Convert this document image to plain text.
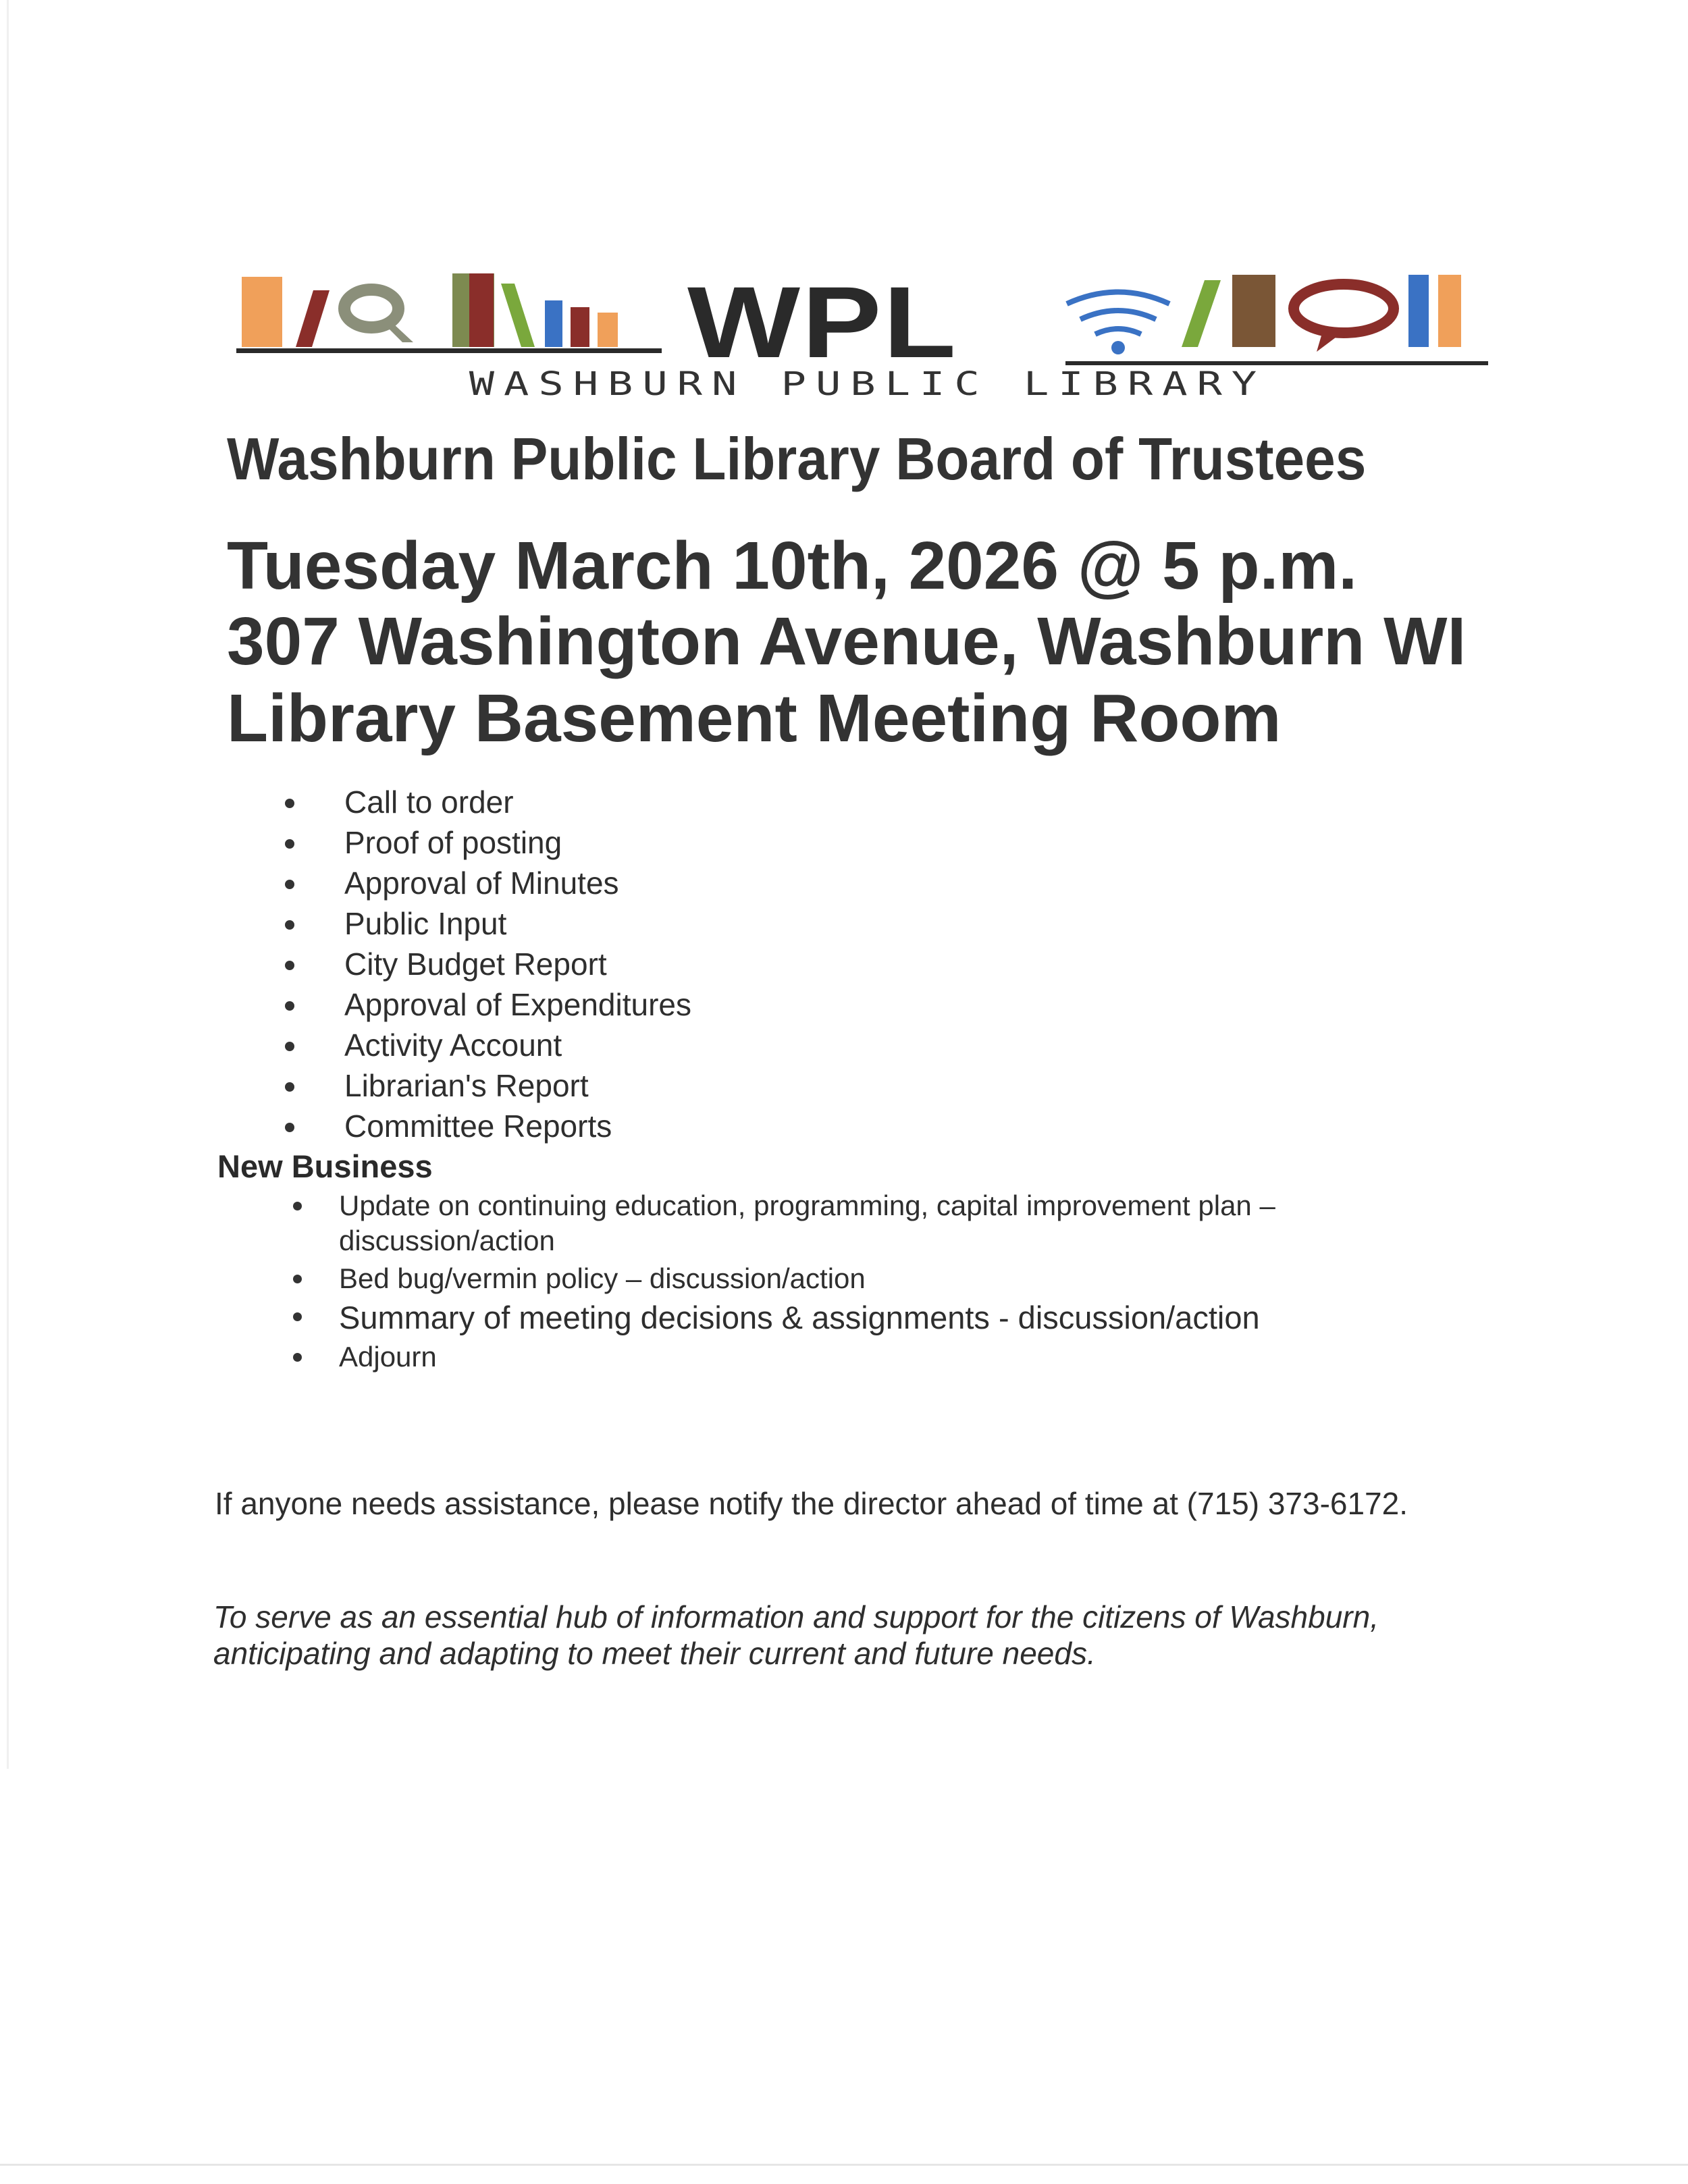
WPL
WASHBURN PUBLIC LIBRARY
Washburn Public Library Board of Trustees
Tuesday March 10th, 2026 @ 5 p.m.
307 Washington Avenue, Washburn WI
Library Basement Meeting Room
Call to order
Proof of posting
Approval of Minutes
Public Input
City Budget Report
Approval of Expenditures
Activity Account
Librarian's Report
Committee Reports
New Business
Update on continuing education, programming, capital improvement plan – discussion/action
Bed bug/vermin policy – discussion/action
Summary of meeting decisions & assignments - discussion/action
Adjourn
If anyone needs assistance, please notify the director ahead of time at (715) 373-6172.
To serve as an essential hub of information and support for the citizens of Washburn, anticipating and adapting to meet their current and future needs.
